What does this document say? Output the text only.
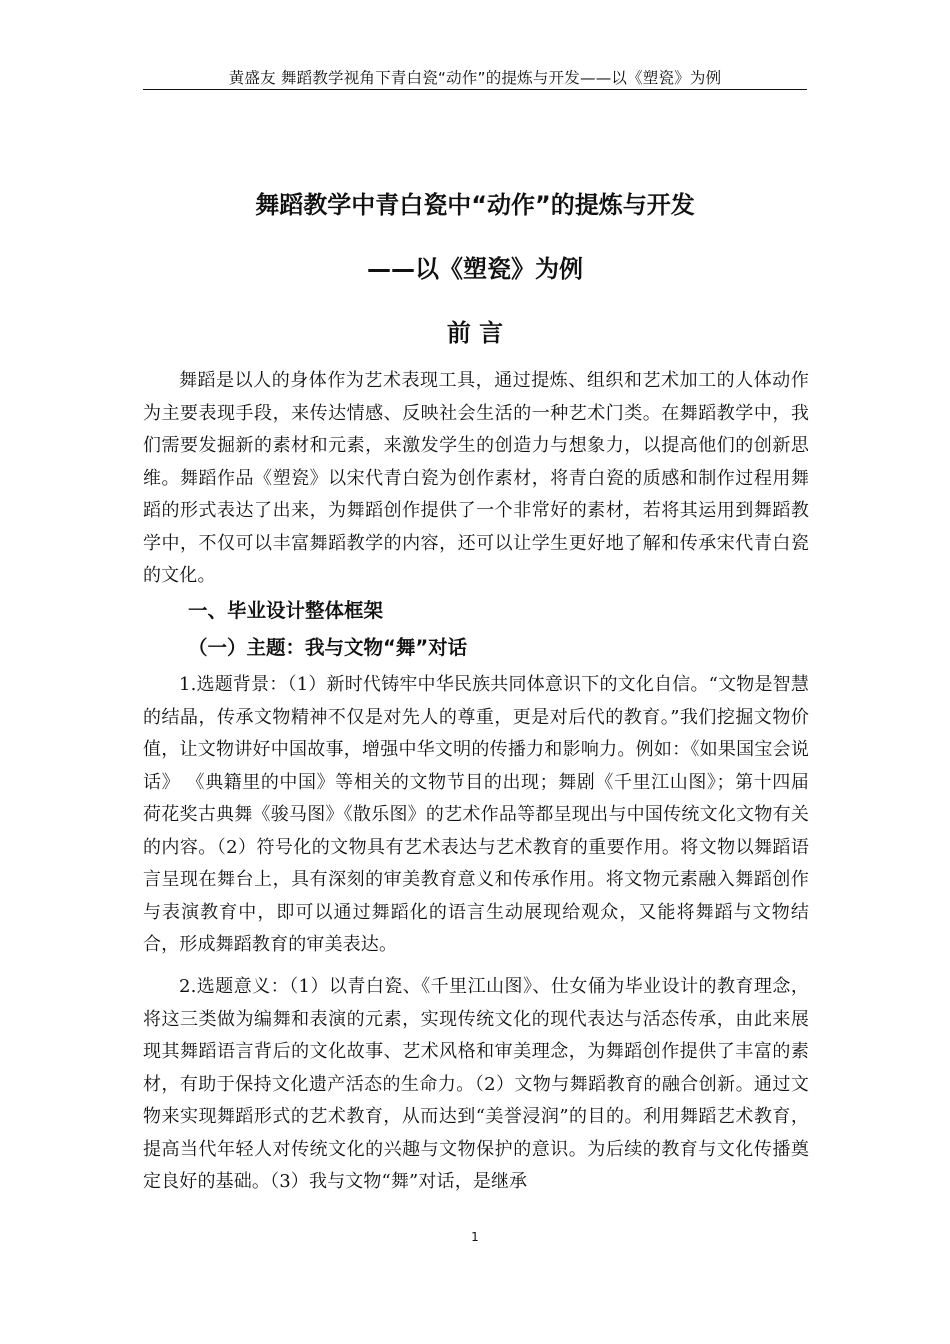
黄盛友 舞蹈教学视角下青白瓷“动作”的提炼与开发——以《塑瓷》为例
舞蹈教学中青白瓷中“动作”的提炼与开发
——以《塑瓷》为例
前 言

舞蹈是以人的身体作为艺术表现工具，通过提炼、组织和艺术加工的人体动作为主要表现手段，来传达情感、反映社会生活的一种艺术门类。在舞蹈教学中，我们需要发掘新的素材和元素，来激发学生的创造力与想象力，以提高他们的创新思维。舞蹈作品《塑瓷》以宋代青白瓷为创作素材，将青白瓷的质感和制作过程用舞蹈的形式表达了出来，为舞蹈创作提供了一个非常好的素材，若将其运用到舞蹈教学中，不仅可以丰富舞蹈教学的内容，还可以让学生更好地了解和传承宋代青白瓷的文化。

一、毕业设计整体框架
（一）主题：我与文物“舞”对话

1.选题背景：（1）新时代铸牢中华民族共同体意识下的文化自信。“文物是智慧的结晶，传承文物精神不仅是对先人的尊重，更是对后代的教育。”我们挖掘文物价值，让文物讲好中国故事，增强中华文明的传播力和影响力。例如：《如果国宝会说话》 《典籍里的中国》等相关的文物节目的出现；舞剧《千里江山图》；第十四届荷花奖古典舞《骏马图》《散乐图》的艺术作品等都呈现出与中国传统文化文物有关的内容。（2）符号化的文物具有艺术表达与艺术教育的重要作用。将文物以舞蹈语言呈现在舞台上，具有深刻的审美教育意义和传承作用。将文物元素融入舞蹈创作与表演教育中，即可以通过舞蹈化的语言生动展现给观众，又能将舞蹈与文物结合，形成舞蹈教育的审美表达。

2.选题意义：（1）以青白瓷、《千里江山图》、仕女俑为毕业设计的教育理念，将这三类做为编舞和表演的元素，实现传统文化的现代表达与活态传承，由此来展现其舞蹈语言背后的文化故事、艺术风格和审美理念，为舞蹈创作提供了丰富的素材，有助于保持文化遗产活态的生命力。（2）文物与舞蹈教育的融合创新。通过文物来实现舞蹈形式的艺术教育，从而达到“美誉浸润”的目的。利用舞蹈艺术教育，提高当代年轻人对传统文化的兴趣与文物保护的意识。为后续的教育与文化传播奠定良好的基础。（3）我与文物“舞”对话，是继承

1
